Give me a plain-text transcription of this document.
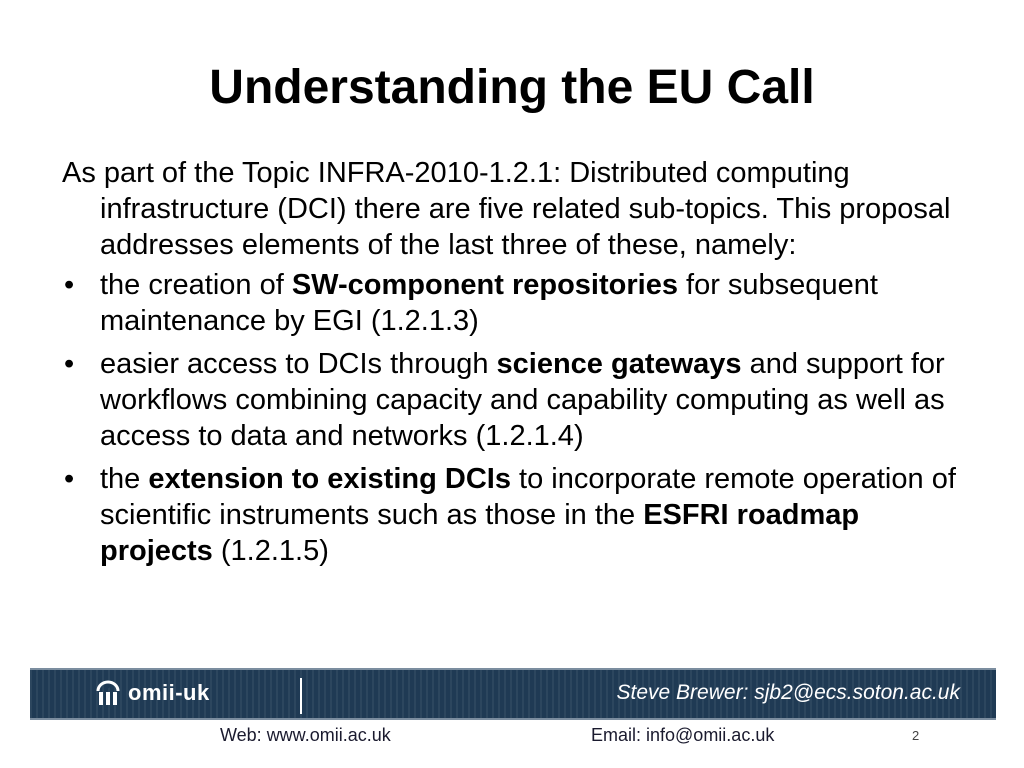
Understanding the EU Call

As part of the Topic INFRA-2010-1.2.1: Distributed computing infrastructure (DCI) there are five related sub-topics. This proposal addresses elements of the last three of these, namely:

• the creation of SW-component repositories for subsequent maintenance by EGI (1.2.1.3)
• easier access to DCIs through science gateways and support for workflows combining capacity and capability computing as well as access to data and networks (1.2.1.4)
• the extension to existing DCIs to incorporate remote operation of scientific instruments such as those in the ESFRI roadmap projects (1.2.1.5)
omii-uk	Steve Brewer: sjb2@ecs.soton.ac.uk
Web: www.omii.ac.uk	Email: info@omii.ac.uk	2
